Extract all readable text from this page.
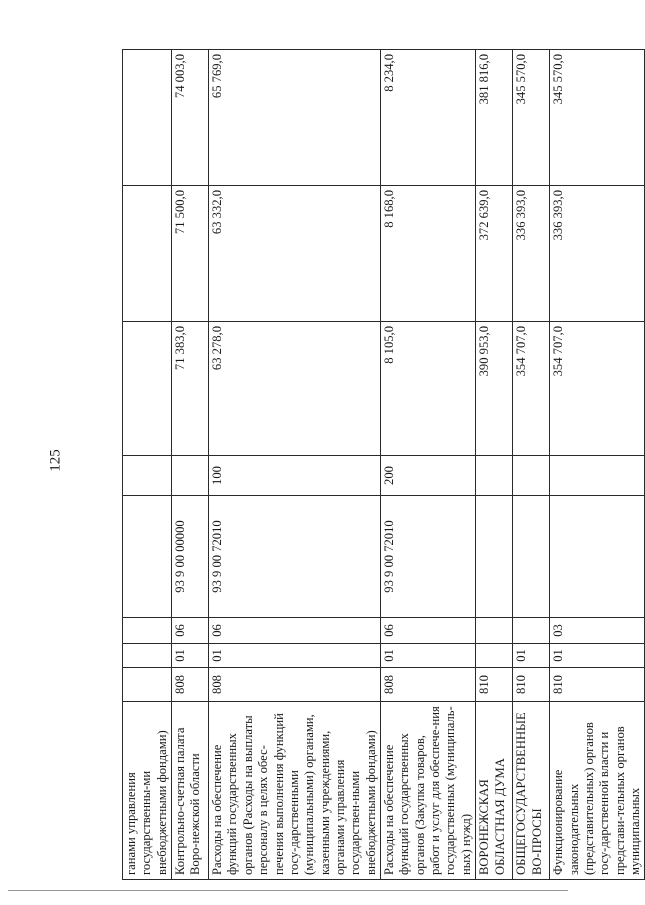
125
ганами управления государственны-ми внебюджетными фондами)								
Контрольно-счетная палата Воро-нежской области	808	01	06	93 9 00 00000		71 383,0	71 500,0	74 003,0
Расходы на обеспечение функций государственных органов (Расходы на выплаты персоналу в целях обес-печения выполнения функций госу-дарственными (муниципальными) органами, казенными учреждениями, органами управления государствен-ными внебюджетными фондами)	808	01	06	93 9 00 72010	100	63 278,0	63 332,0	65 769,0
Расходы на обеспечение функций государственных органов (Закупка товаров, работ и услуг для обеспече-ния государственных (муниципаль-ных) нужд)	808	01	06	93 9 00 72010	200	8 105,0	8 168,0	8 234,0
ВОРОНЕЖСКАЯ ОБЛАСТНАЯ ДУМА	810					390 953,0	372 639,0	381 816,0
ОБЩЕГОСУДАРСТВЕННЫЕ ВО-ПРОСЫ	810	01				354 707,0	336 393,0	345 570,0
Функционирование законодательных (представительных) органов госу-дарственной власти и представи-тельных органов муниципальных	810	01	03			354 707,0	336 393,0	345 570,0
